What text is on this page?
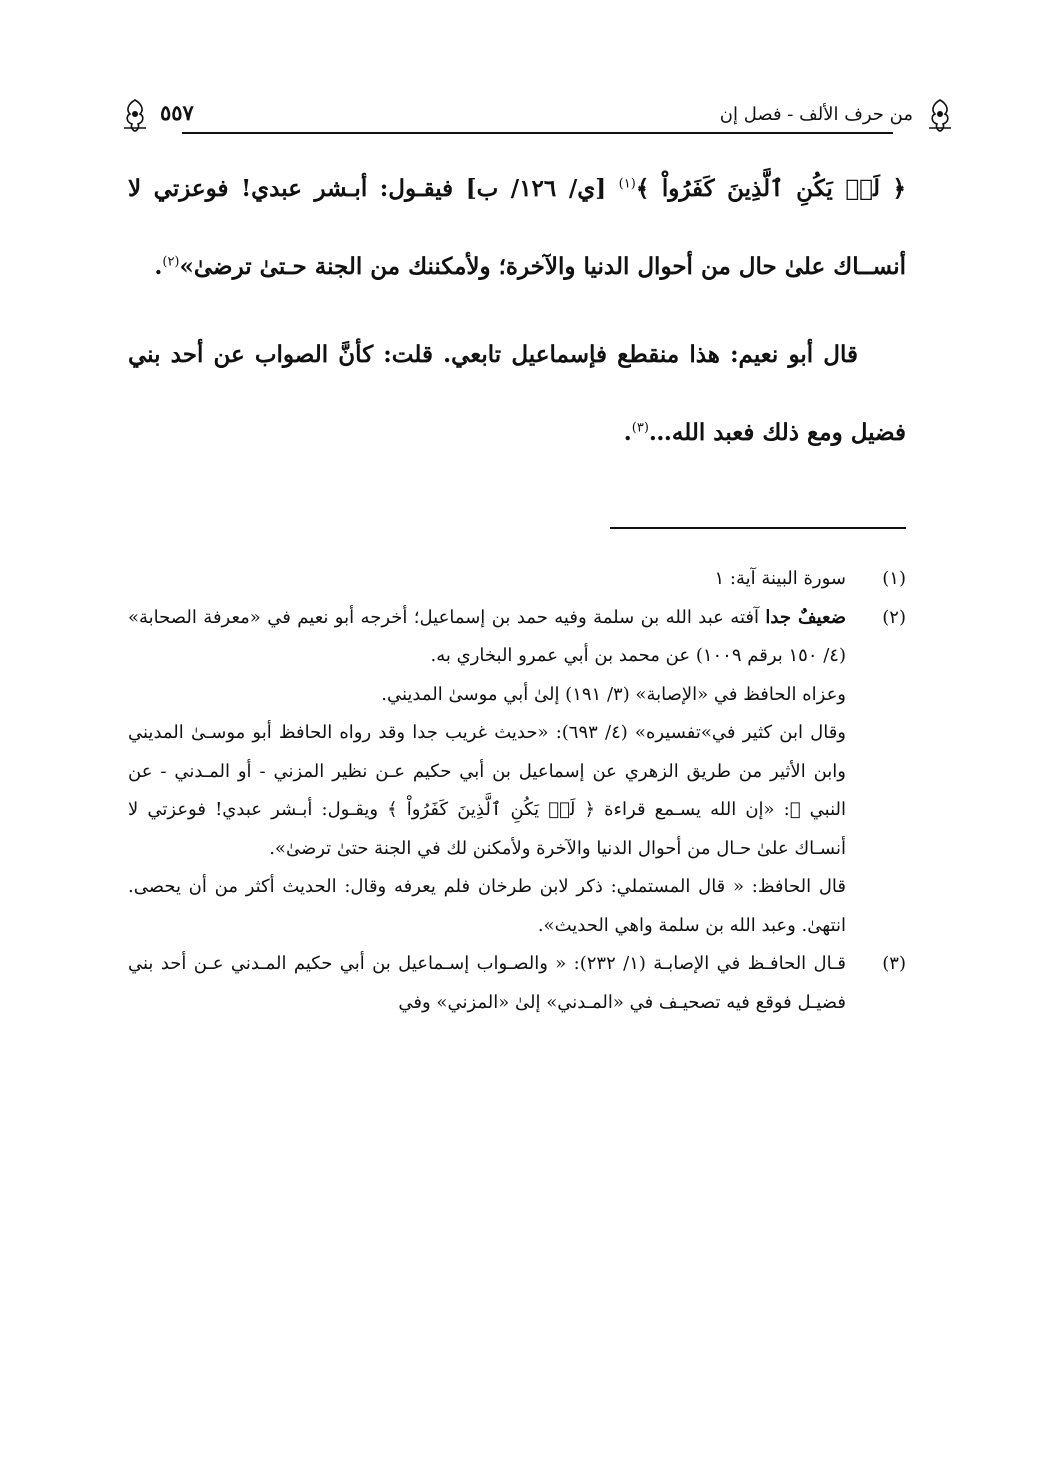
من حرف الألف - فصل إن
٥٥٧

﴿ لَمۡ يَكُنِ ٱلَّذِينَ كَفَرُواْ ﴾$^{(١)}$ [ي/ ١٢٦/ ب] فيقـول: أبـشر عبدي! فوعزتي لا أنســاك علىٰ حال من أحوال الدنيا والآخرة؛ ولأمكننك من الجنة حـتىٰ ترضىٰ»$^{(٢)}$.

قال أبو نعيم: هذا منقطع فإسماعيل تابعي. قلت: كأنَّ الصواب عن أحد بني فضيل ومع ذلك فعبد الله…$^{(٣)}$.

(١)

سورة البينة آية: ١

(٢)

ضعيفٌ جدا آفته عبد الله بن سلمة وفيه حمد بن إسماعيل؛ أخرجه أبو نعيم في «معرفة الصحابة» (٤/ ١٥٠ برقم ١٠٠٩) عن محمد بن أبي عمرو البخاري به.

وعزاه الحافظ في «الإصابة» (٣/ ١٩١) إلىٰ أبي موسىٰ المديني.

وقال ابن كثير في»تفسيره» (٤/ ٦٩٣): «حديث غريب جدا وقد رواه الحافظ أبو موسـىٰ المديني وابن الأثير من طريق الزهري عن إسماعيل بن أبي حكيم عـن نظير المزني - أو المـدني - عن النبي ﷺ: «إن الله يسـمع قراءة ﴿ لَمۡ يَكُنِ ٱلَّذِينَ كَفَرُواْ ﴾ ويقـول: أبـشر عبدي! فوعزتي لا أنسـاك علىٰ حـال من أحوال الدنيا والآخرة ولأمكنن لك في الجنة حتىٰ ترضىٰ».

قال الحافظ: « قال المستملي: ذكر لابن طرخان فلم يعرفه وقال: الحديث أكثر من أن يحصى. انتهىٰ. وعبد الله بن سلمة واهي الحديث».

(٣)

قـال الحافـظ في الإصابـة (١/ ٢٣٢): « والصـواب إسـماعيل بن أبي حكيم المـدني عـن أحد بني فضيـل فوقع فيه تصحيـف في «المـدني» إلىٰ «المزني» وفي
